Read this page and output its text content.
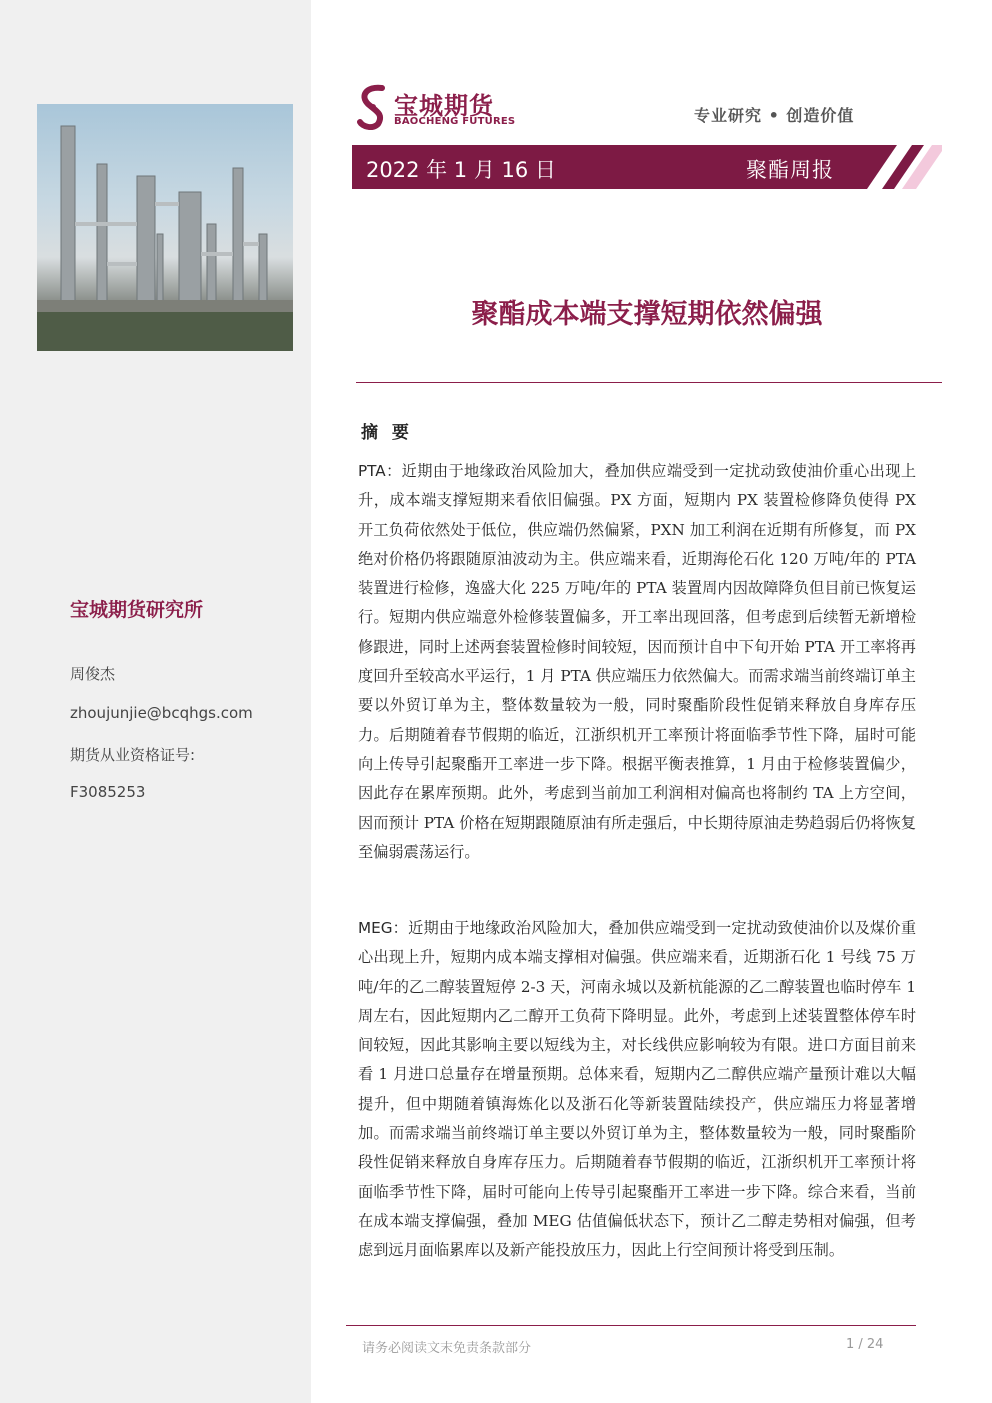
宝城期货研究所
周俊杰
zhoujunjie@bcqhgs.com
期货从业资格证号:
F3085253
宝城期货
BAOCHENG FUTURES	专业研究 • 创造价值
2022 年 1 月 16 日	聚酯周报
聚酯成本端支撑短期依然偏强
摘 要
PTA：近期由于地缘政治风险加大，叠加供应端受到一定扰动致使油价重心出现上升，成本端支撑短期来看依旧偏强。PX 方面，短期内 PX 装置检修降负使得 PX 开工负荷依然处于低位，供应端仍然偏紧，PXN 加工利润在近期有所修复，而 PX 绝对价格仍将跟随原油波动为主。供应端来看，近期海伦石化 120 万吨/年的 PTA 装置进行检修，逸盛大化 225 万吨/年的 PTA 装置周内因故障降负但目前已恢复运行。短期内供应端意外检修装置偏多，开工率出现回落，但考虑到后续暂无新增检修跟进，同时上述两套装置检修时间较短，因而预计自中下旬开始 PTA 开工率将再度回升至较高水平运行，1 月 PTA 供应端压力依然偏大。而需求端当前终端订单主要以外贸订单为主，整体数量较为一般，同时聚酯阶段性促销来释放自身库存压力。后期随着春节假期的临近，江浙织机开工率预计将面临季节性下降，届时可能向上传导引起聚酯开工率进一步下降。根据平衡表推算，1 月由于检修装置偏少，因此存在累库预期。此外，考虑到当前加工利润相对偏高也将制约 TA 上方空间，因而预计 PTA 价格在短期跟随原油有所走强后，中长期待原油走势趋弱后仍将恢复至偏弱震荡运行。
MEG：近期由于地缘政治风险加大，叠加供应端受到一定扰动致使油价以及煤价重心出现上升，短期内成本端支撑相对偏强。供应端来看，近期浙石化 1 号线 75 万吨/年的乙二醇装置短停 2-3 天，河南永城以及新杭能源的乙二醇装置也临时停车 1 周左右，因此短期内乙二醇开工负荷下降明显。此外，考虑到上述装置整体停车时间较短，因此其影响主要以短线为主，对长线供应影响较为有限。进口方面目前来看 1 月进口总量存在增量预期。总体来看，短期内乙二醇供应端产量预计难以大幅提升，但中期随着镇海炼化以及浙石化等新装置陆续投产，供应端压力将显著增加。而需求端当前终端订单主要以外贸订单为主，整体数量较为一般，同时聚酯阶段性促销来释放自身库存压力。后期随着春节假期的临近，江浙织机开工率预计将面临季节性下降，届时可能向上传导引起聚酯开工率进一步下降。综合来看，当前在成本端支撑偏强，叠加 MEG 估值偏低状态下，预计乙二醇走势相对偏强，但考虑到远月面临累库以及新产能投放压力，因此上行空间预计将受到压制。
请务必阅读文末免责条款部分	1 / 24
